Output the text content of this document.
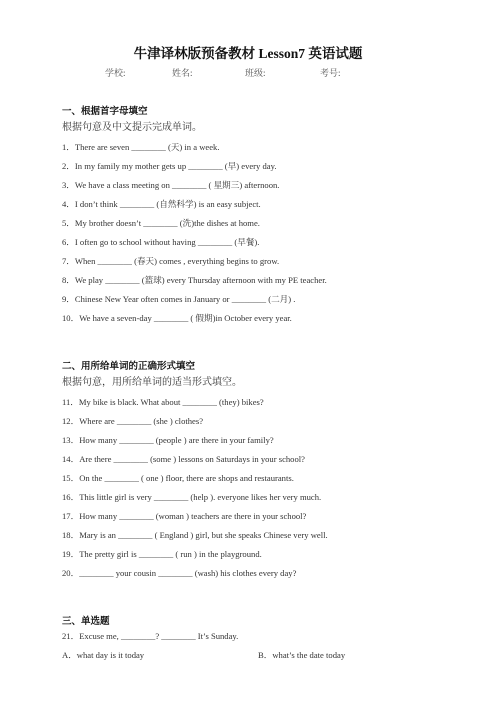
牛津译林版预备教材 Lesson7 英语试题
学校:	姓名:	班级:	考号:
一、根据首字母填空
根据句意及中文提示完成单词。
1．There are seven ________ (天) in a week.
2．In my family my mother gets up ________ (早) every day.
3．We have a class meeting on ________ ( 星期三) afternoon.
4．I don’t think ________ (自然科学) is an easy subject.
5．My brother doesn’t ________ (洗)the dishes at home.
6．I often go to school without having ________ (早餐).
7．When ________ (春天) comes , everything begins to grow.
8．We play ________ (篮球) every Thursday afternoon with my PE teacher.
9．Chinese New Year often comes in January or ________ (二月) .
10．We have a seven-day ________ ( 假期)in October every year.
二、用所给单词的正确形式填空
根据句意，用所给单词的适当形式填空。
11．My bike is black. What about ________ (they) bikes?
12．Where are ________ (she ) clothes?
13．How many ________ (people ) are there in your family?
14．Are there ________ (some ) lessons on Saturdays in your school?
15．On the ________ ( one ) floor, there are shops and restaurants.
16．This little girl is very ________ (help ). everyone likes her very much.
17．How many ________ (woman ) teachers are there in your school?
18．Mary is an ________ ( England ) girl, but she speaks Chinese very well.
19．The pretty girl is ________ ( run ) in the playground.
20．________ your cousin ________ (wash) his clothes every day?
三、单选题
21．Excuse me, ________? ________ It’s Sunday.
A．what day is it today	B．what’s the date today
